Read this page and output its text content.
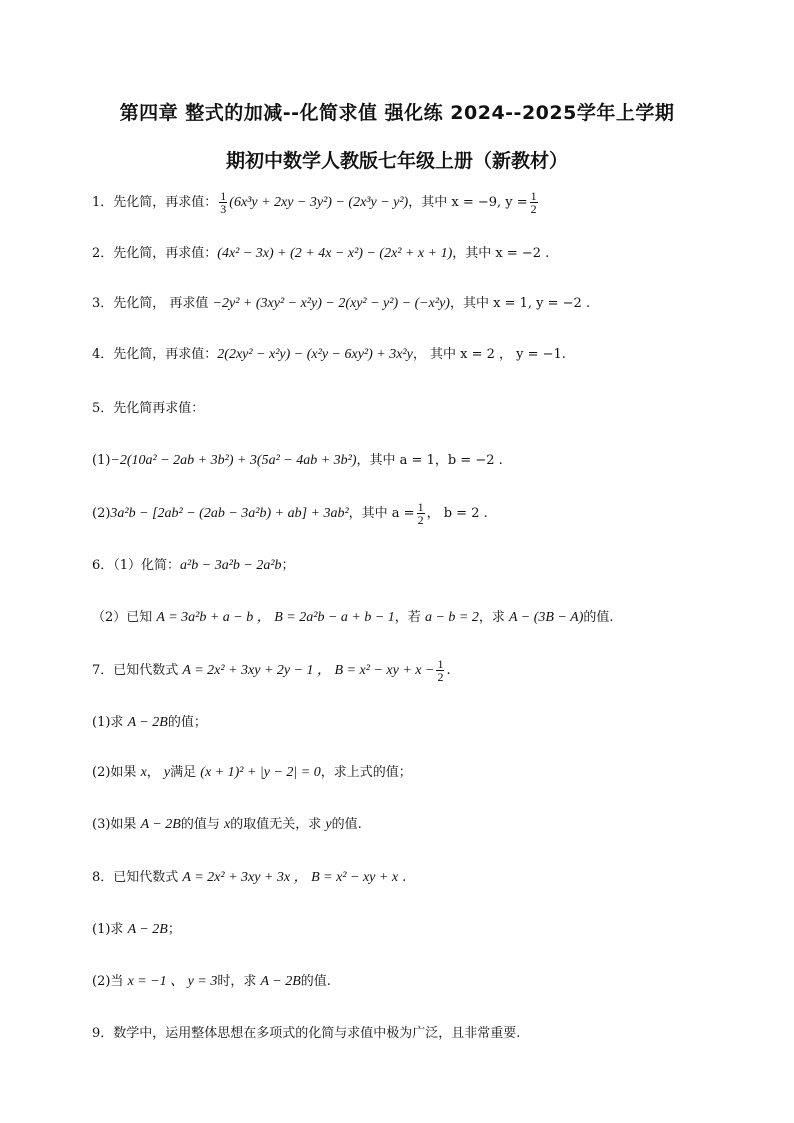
第四章 整式的加减--化简求值 强化练 2024--2025学年上学期
期初中数学人教版七年级上册（新教材）
1．先化简，再求值： $\frac{1}{3} (6x^3y + 2xy - 3y^2) - (2x^3y - y^2)$，其中 x = −9, $y = \frac{1}{2}$
2．先化简，再求值：(4x² − 3x) + (2 + 4x − x²) − (2x² + x + 1)，其中 x = −2 .
3．先化简， 再求值 −2y² + (3xy² − x²y) − 2(xy² − y²) − (−x²y)，其中 x = 1, y = −2 .
4．先化简，再求值：2(2xy² − x²y) − (x²y − 6xy²) + 3x²y， 其中 x = 2 ， y = −1.
5．先化简再求值：
(1)−2(10a² − 2ab + 3b²) + 3(5a² − 4ab + 3b²)，其中 a = 1，b = −2 .
(2)3a²b − [2ab² − (2ab − 3a²b) + ab] + 3ab²，其中 $a = \frac{1}{2}$ ， b = 2 .
6．（1）化简：a²b − 3a²b − 2a²b；
（2）已知 A = 3a²b + a − b ， B = 2a²b − a + b − 1，若 a − b = 2，求 A − (3B − A)的值.
7．已知代数式 A = 2x² + 3xy + 2y − 1 ， B = x² − xy + $x - \frac{1}{2}$ .
(1)求 A − 2B的值；
(2)如果 x， y满足 (x + 1)² + |y − 2| = 0，求上式的值；
(3)如果 A − 2B的值与 x的取值无关，求 y的值.
8．已知代数式 A = 2x² + 3xy + 3x ， B = x² − xy + x .
(1)求 A − 2B；
(2)当 x = −1 、 y = 3时，求 A − 2B的值.
9．数学中，运用整体思想在多项式的化简与求值中极为广泛，且非常重要.
